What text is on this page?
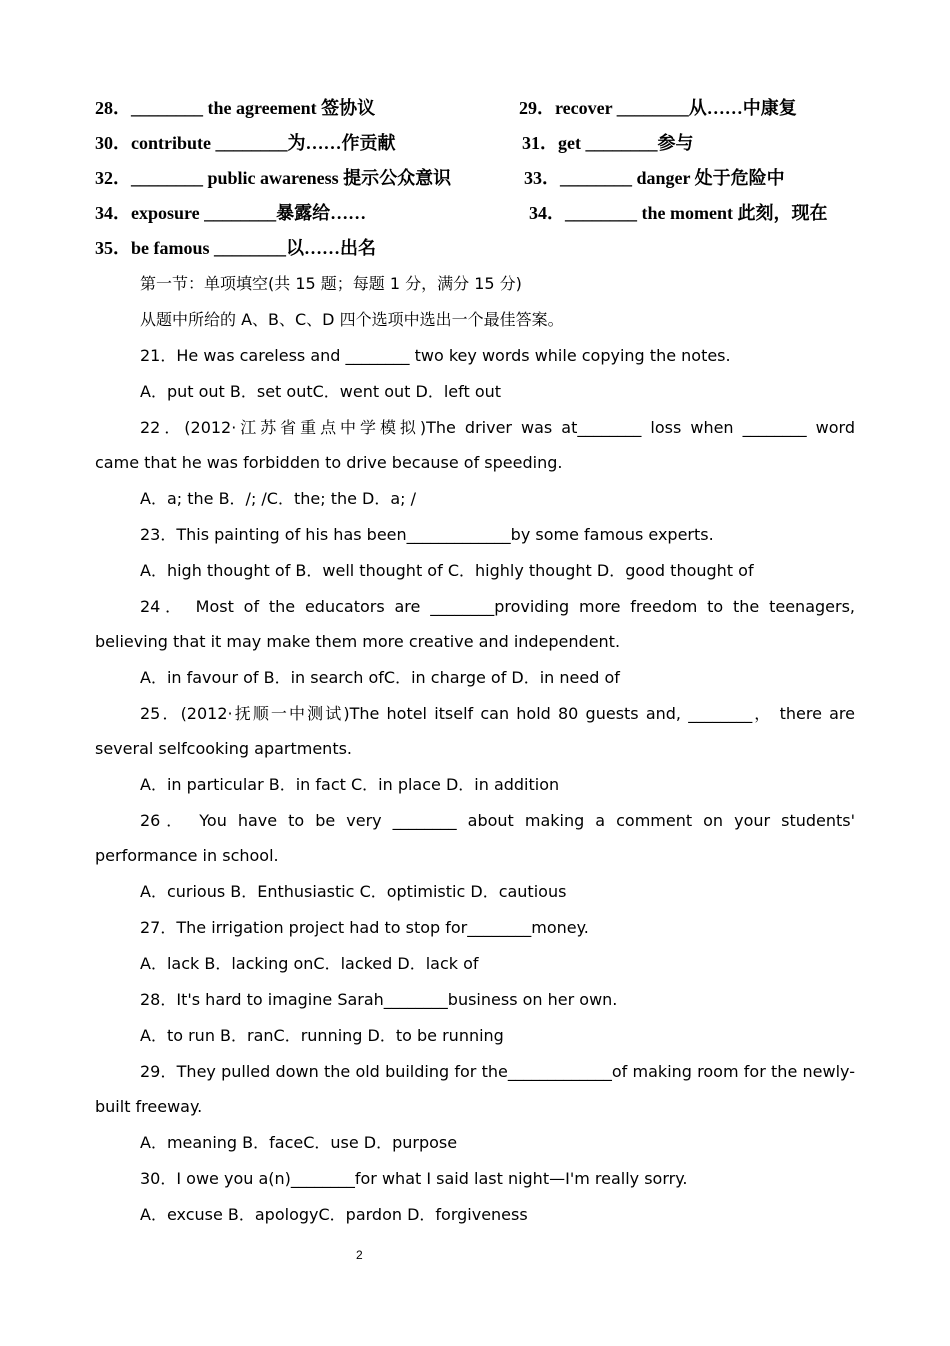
28．________ the agreement 签协议	29．recover ________从……中康复
30．contribute ________为……作贡献	31．get ________参与
32．________ public awareness 提示公众意识	33．________ danger 处于危险中
34．exposure ________暴露给……	34．________ the moment 此刻，现在
35．be famous ________以……出名
第一节：单项填空(共 15 题；每题 1 分，满分 15 分)
从题中所给的 A、B、C、D 四个选项中选出一个最佳答案。
21．He was careless and ________ two key words while copying the notes.
A．put out B．set outC．went out D．left out
22．(2012·江苏省重点中学模拟)The driver was at________ loss when ________ word
came that he was forbidden to drive because of speeding.
A．a; the B．/; /C．the; the D．a; /
23．This painting of his has been_____________by some famous experts.
A．high thought of B．well thought of C．highly thought D．good thought of
24． Most of the educators are ________providing more freedom to the teenagers,
believing that it may make them more creative and independent.
A．in favour of B．in search ofC．in charge of D．in need of
25．(2012·抚顺一中测试)The hotel itself can hold 80 guests and, ________， there are
several selfcooking apartments.
A．in particular B．in fact C．in place D．in addition
26． You have to be very ________ about making a comment on your students'
performance in school.
A．curious B．Enthusiastic C．optimistic D．cautious
27．The irrigation project had to stop for________money.
A．lack B．lacking onC．lacked D．lack of
28．It's hard to imagine Sarah________business on her own.
A．to run B．ranC．running D．to be running
29．They pulled down the old building for the_____________of making room for the newly-
built freeway.
A．meaning B．faceC．use D．purpose
30．I owe you a(n)________for what I said last night—I'm really sorry.
A．excuse B．apologyC．pardon D．forgiveness
2
